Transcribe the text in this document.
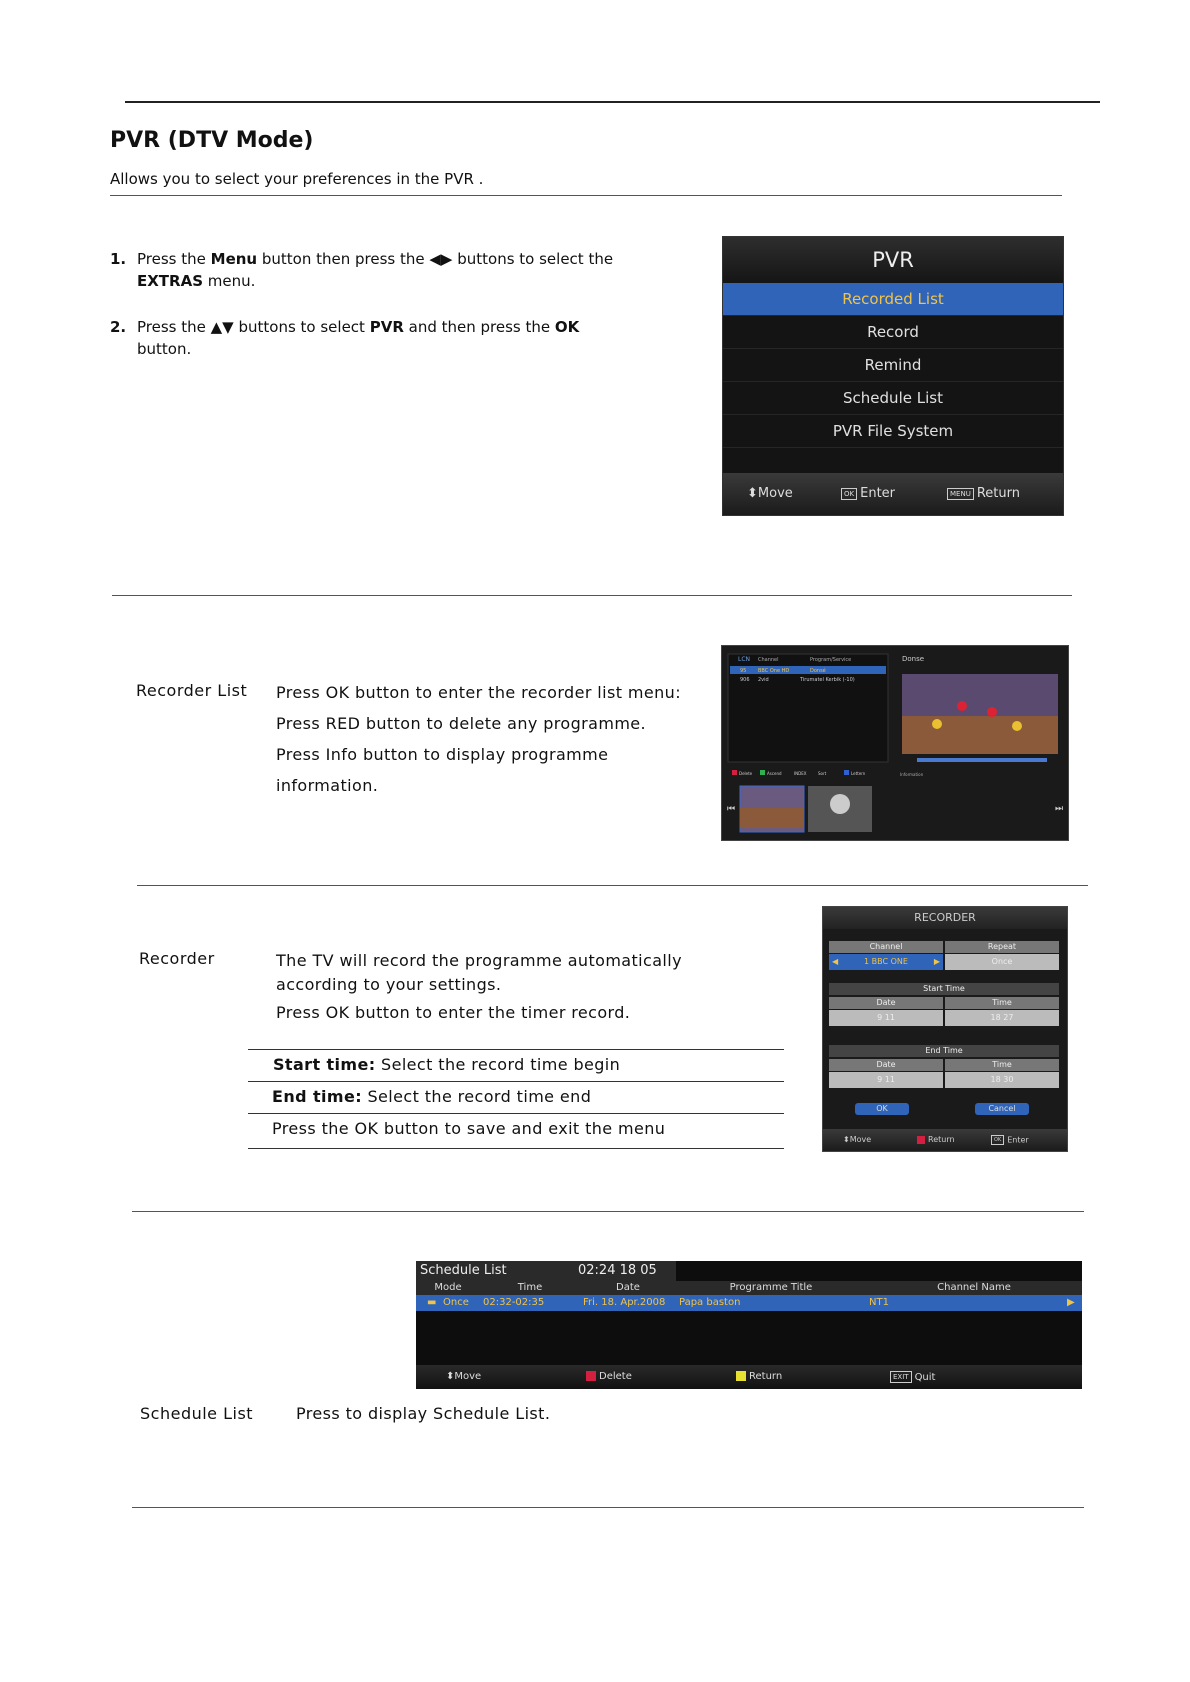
PVR (DTV Mode)
Allows you to select your preferences in the PVR .
1. Press the Menu button then press the ◀▶ buttons to select the
EXTRAS menu.
2. Press the ▲▼ buttons to select PVR and then press the OK
button.
PVR
Recorded List
Record
Remind
Schedule List
PVR File System
⬍Move	OK Enter	MENU Return
Recorder List Press OK button to enter the recorder list menu:
Press RED button to delete any programme.
Press Info button to display programme information.
LCN Channel	Program/Service
95 BBC One HD	Donsé
906 2vid	Tirumatel Kerbik (-10)
Donse
Information
Delete	Ascend	INDEX	Sort	Lettern
⏮	⏭
Recorder	The TV will record the programme automatically
according to your settings.
Press OK button to enter the timer record.
Start time: Select the record time begin
End time: Select the record time end
Press the OK button to save and exit the menu
RECORDER
Channel
◀	1 BBC ONE	▶
Repeat
Once
Start Time
Date	Time
9 11	18 27
End Time
Date	Time
9 11	18 30
OK	Cancel
⬍Move	Return	OK Enter
Schedule List	02:24 18 05
Mode	Time	Date	Programme Title	Channel Name
▬ Once	02:32-02:35	Fri. 18. Apr.2008	Papa baston	NT1	▶
⬍Move	Delete	Return	EXIT Quit
Schedule List	Press to display Schedule List.
